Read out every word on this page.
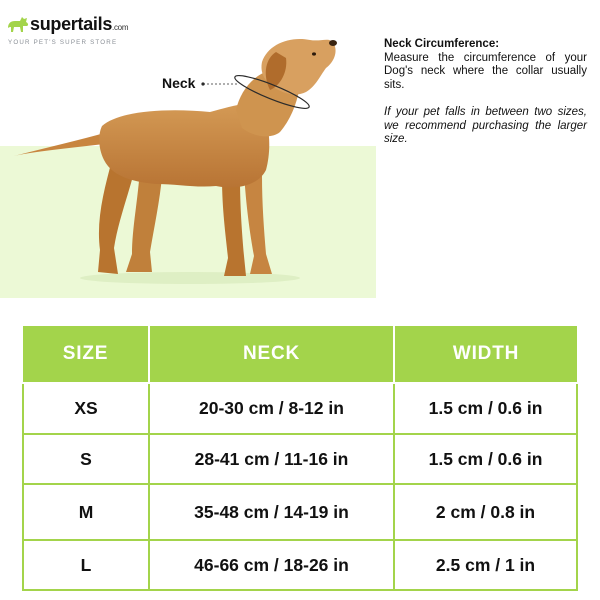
supertails.com
YOUR PET'S SUPER STORE
Neck

Neck Circumference:

Measure the circumference of your Dog's neck where the collar usually sits.

If your pet falls in between two sizes, we recommend purchasing the larger size.

SIZE	NECK	WIDTH
XS	20-30 cm / 8-12 in	1.5 cm / 0.6 in
S	28-41 cm / 11-16 in	1.5 cm / 0.6 in
M	35-48 cm / 14-19 in	2 cm / 0.8 in
L	46-66 cm / 18-26 in	2.5 cm / 1 in
